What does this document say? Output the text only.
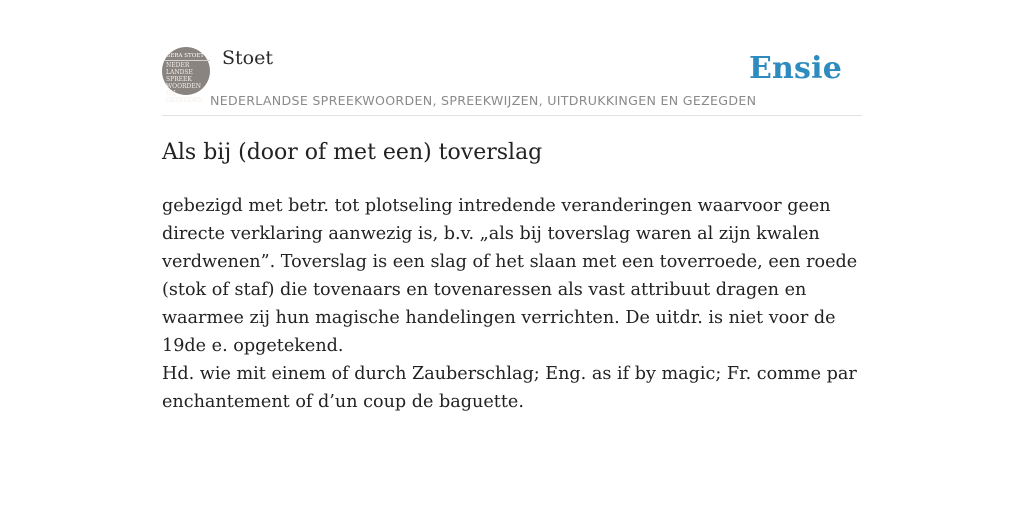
GERA STOET
NEDER
LANDSE
SPREEK
WOORDEN EN
GEZEGDEN
Stoet	Ensie
NEDERLANDSE SPREEKWOORDEN, SPREEKWIJZEN, UITDRUKKINGEN EN GEZEGDEN
Als bij (door of met een) toverslag

gebezigd met betr. tot plotseling intredende veranderingen waarvoor geen directe verklaring aanwezig is, b.v. „als bij toverslag waren al zijn kwalen verdwenen”. Toverslag is een slag of het slaan met een toverroede, een roede (stok of staf) die tovenaars en tovenaressen als vast attribuut dragen en waarmee zij hun magische handelingen verrichten. De uitdr. is niet voor de 19de e. opgetekend.
Hd. wie mit einem of durch Zauberschlag; Eng. as if by magic; Fr. comme par enchantement of d’un coup de baguette.
